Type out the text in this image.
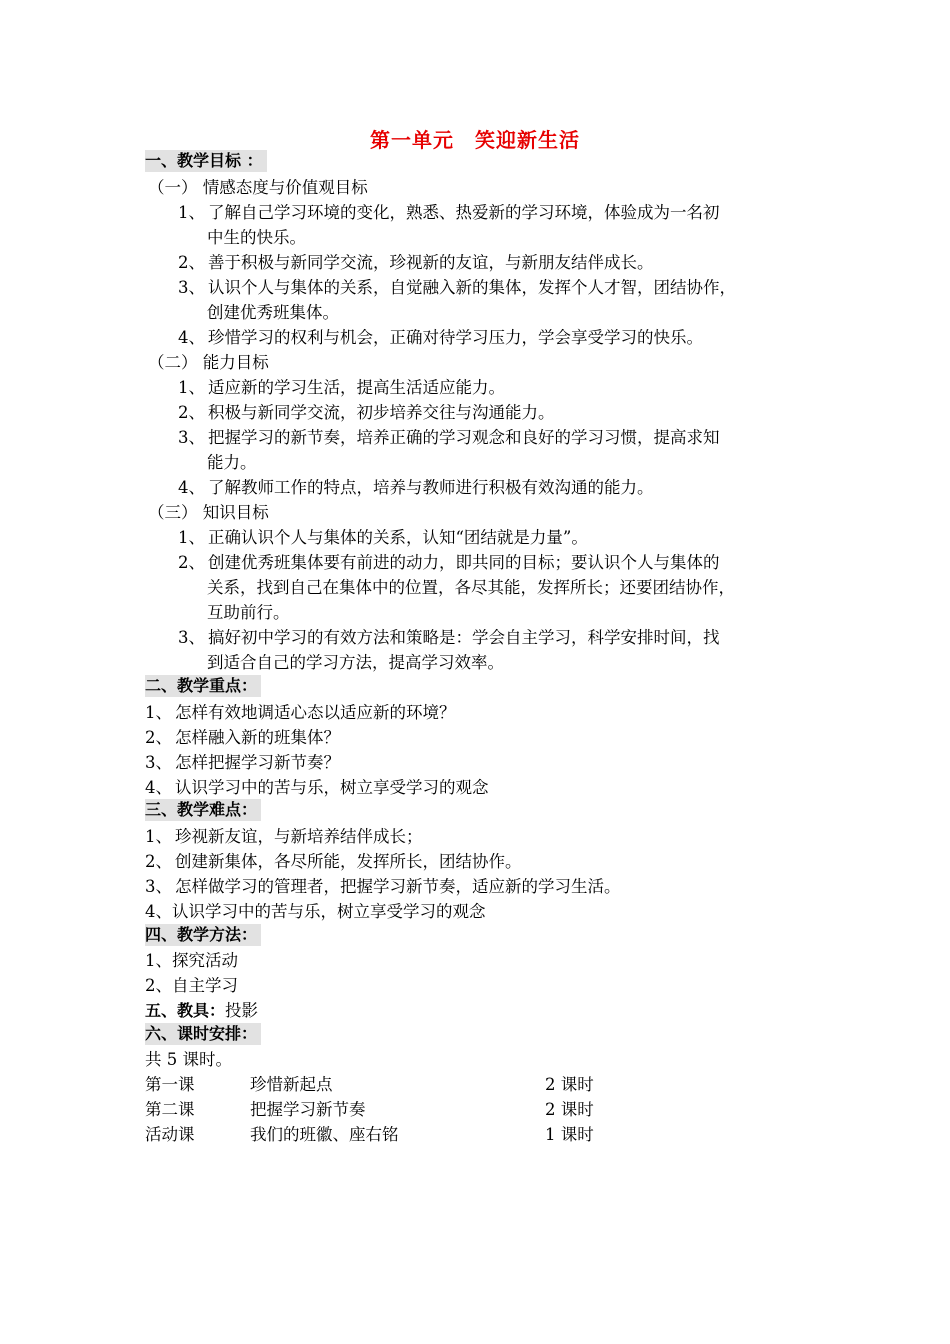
第一单元　笑迎新生活
一、教学目标 ：
（一） 情感态度与价值观目标
1、 了解自己学习环境的变化，熟悉、热爱新的学习环境，体验成为一名初
中生的快乐。
2、 善于积极与新同学交流，珍视新的友谊，与新朋友结伴成长。
3、 认识个人与集体的关系，自觉融入新的集体，发挥个人才智，团结协作，
创建优秀班集体。
4、 珍惜学习的权利与机会，正确对待学习压力，学会享受学习的快乐。
（二） 能力目标
1、 适应新的学习生活，提高生活适应能力。
2、 积极与新同学交流，初步培养交往与沟通能力。
3、 把握学习的新节奏，培养正确的学习观念和良好的学习习惯，提高求知
能力。
4、 了解教师工作的特点，培养与教师进行积极有效沟通的能力。
（三） 知识目标
1、 正确认识个人与集体的关系，认知“团结就是力量”。
2、 创建优秀班集体要有前进的动力，即共同的目标；要认识个人与集体的
关系，找到自己在集体中的位置，各尽其能，发挥所长；还要团结协作，
互助前行。
3、 搞好初中学习的有效方法和策略是：学会自主学习，科学安排时间，找
到适合自己的学习方法，提高学习效率。
二、教学重点：
1、 怎样有效地调适心态以适应新的环境？
2、 怎样融入新的班集体？
3、 怎样把握学习新节奏？
4、 认识学习中的苦与乐，树立享受学习的观念
三、教学难点：
1、 珍视新友谊，与新培养结伴成长；
2、 创建新集体，各尽所能，发挥所长，团结协作。
3、 怎样做学习的管理者，把握学习新节奏，适应新的学习生活。
4、认识学习中的苦与乐，树立享受学习的观念
四、教学方法：
1、探究活动
2、自主学习
五、教具：投影
六、课时安排：
共 5 课时。
第一课	珍惜新起点	2 课时
第二课	把握学习新节奏	2 课时
活动课	我们的班徽、座右铭	1 课时
